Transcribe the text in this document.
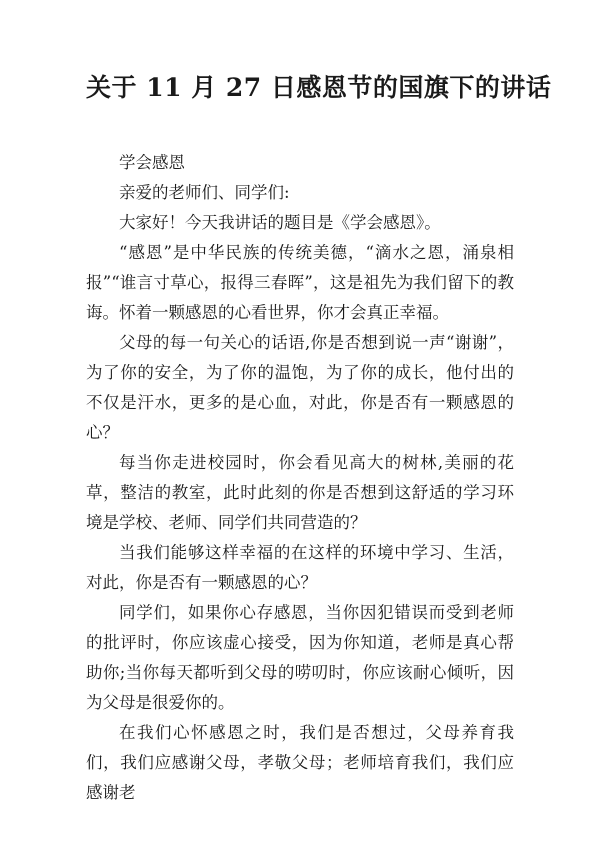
关于 11 月 27 日感恩节的国旗下的讲话

学会感恩

亲爱的老师们、同学们:

大家好！今天我讲话的题目是《学会感恩》。

“感恩”是中华民族的传统美德，“滴水之恩，涌泉相报”“谁言寸草心，报得三春晖”，这是祖先为我们留下的教诲。怀着一颗感恩的心看世界，你才会真正幸福。

父母的每一句关心的话语,你是否想到说一声“谢谢”，为了你的安全，为了你的温饱，为了你的成长，他付出的不仅是汗水，更多的是心血，对此，你是否有一颗感恩的心？

每当你走进校园时，你会看见高大的树林,美丽的花草，整洁的教室，此时此刻的你是否想到这舒适的学习环境是学校、老师、同学们共同营造的？

当我们能够这样幸福的在这样的环境中学习、生活，对此，你是否有一颗感恩的心？

同学们，如果你心存感恩，当你因犯错误而受到老师的批评时，你应该虚心接受，因为你知道，老师是真心帮助你;当你每天都听到父母的唠叨时，你应该耐心倾听，因为父母是很爱你的。

在我们心怀感恩之时，我们是否想过，父母养育我们，我们应感谢父母，孝敬父母；老师培育我们，我们应感谢老
